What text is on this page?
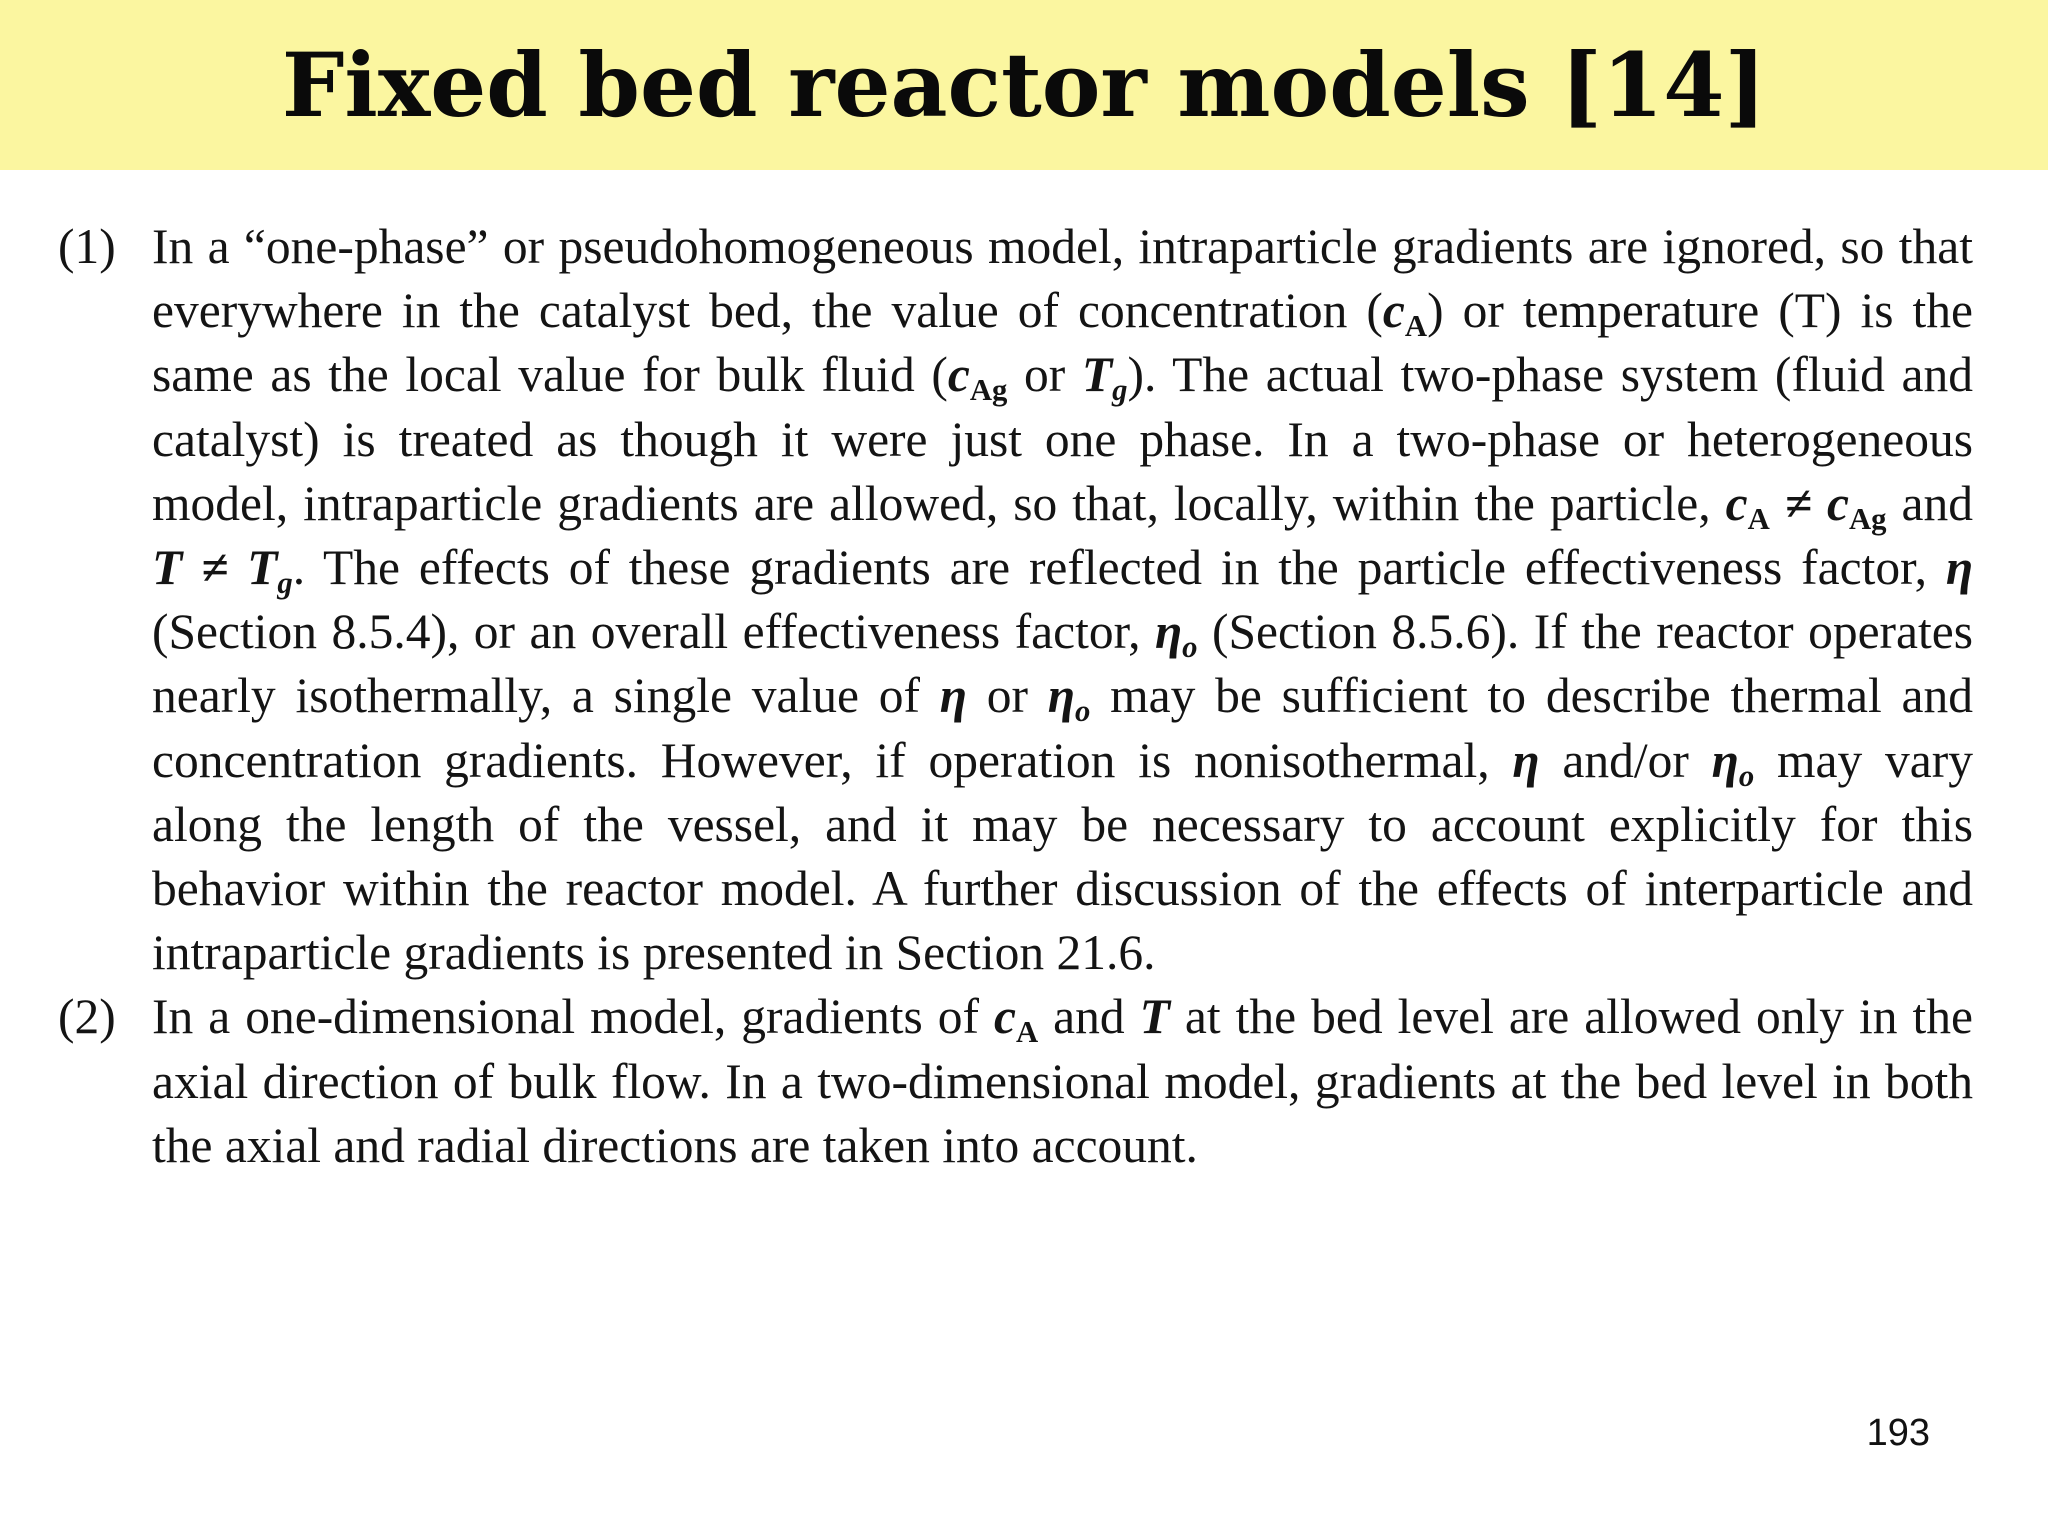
Fixed bed reactor models [14]
(1) In a “one-phase” or pseudohomogeneous model, intraparticle gradients are ignored, so that everywhere in the catalyst bed, the value of concentration $(c_A)$ or temperature (T) is the same as the local value for bulk fluid ($c_{Ag}$ or $T_g$). The actual two-phase system (fluid and catalyst) is treated as though it were just one phase. In a two-phase or heterogeneous model, intraparticle gradients are allowed, so that, locally, within the particle, $c_A \ne c_{Ag}$ and $T \ne T_g$. The effects of these gradients are reflected in the particle effectiveness factor, η (Section 8.5.4), or an overall effectiveness factor, $\eta_o$ (Section 8.5.6). If the reactor operates nearly isothermally, a single value of η or $\eta_o$ may be sufficient to describe thermal and concentration gradients. However, if operation is nonisothermal, η and/or $\eta_o$ may vary along the length of the vessel, and it may be necessary to account explicitly for this behavior within the reactor model. A further discussion of the effects of interparticle and intraparticle gradients is presented in Section 21.6.
(2) In a one-dimensional model, gradients of $c_A$ and T at the bed level are allowed only in the axial direction of bulk flow. In a two-dimensional model, gradients at the bed level in both the axial and radial directions are taken into account.
193
